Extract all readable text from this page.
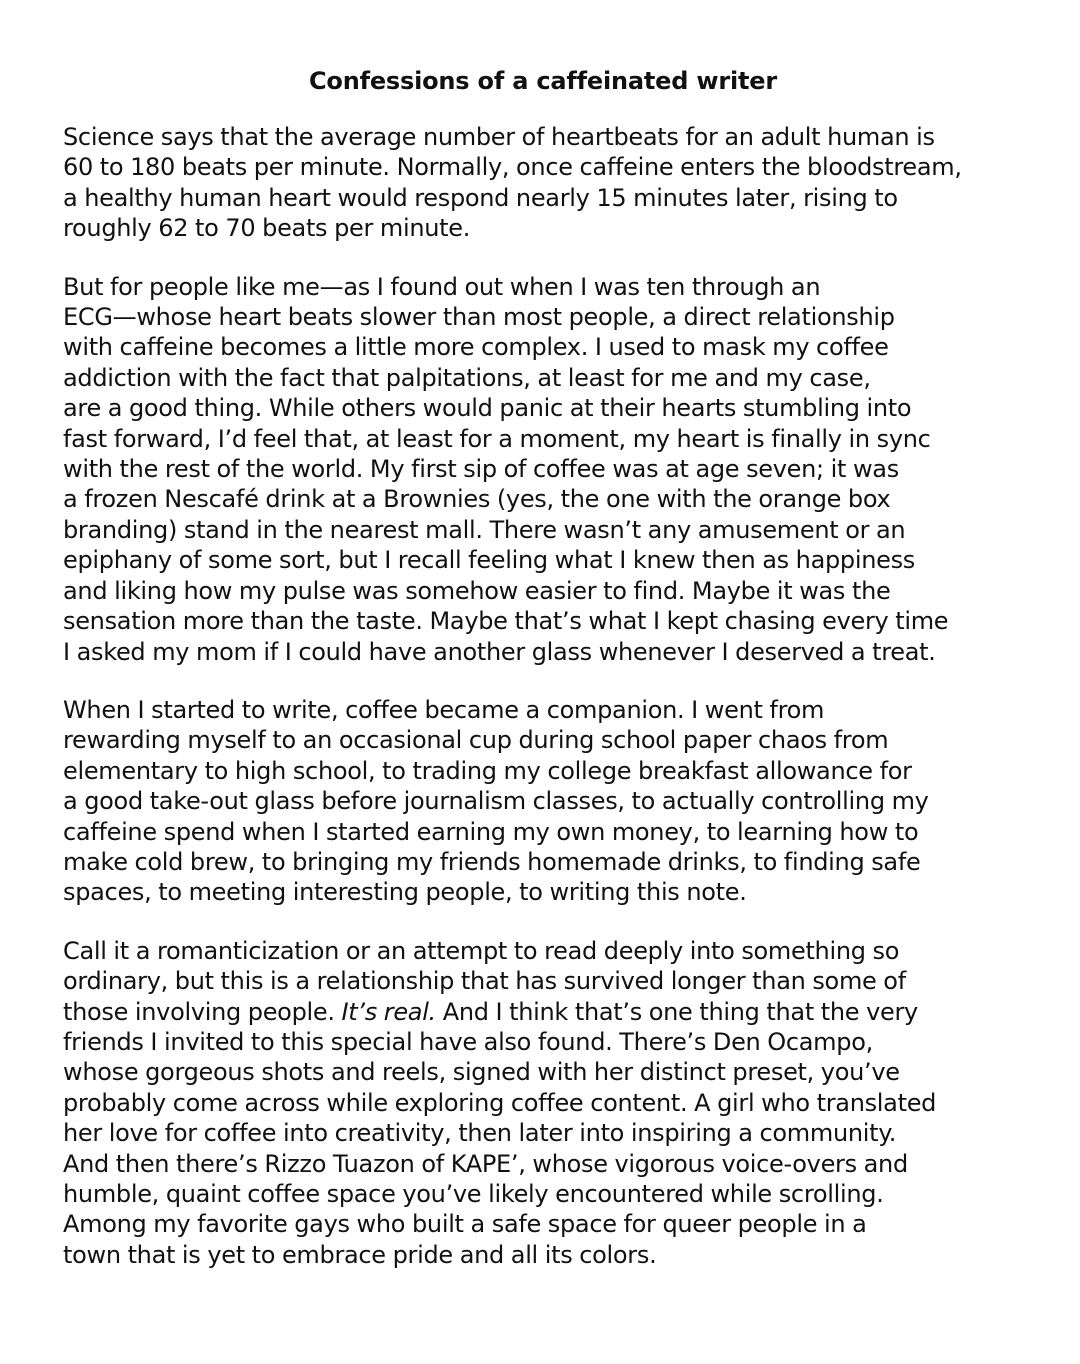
Confessions of a caffeinated writer
Science says that the average number of heartbeats for an adult human is
60 to 180 beats per minute. Normally, once caffeine enters the bloodstream,
a healthy human heart would respond nearly 15 minutes later, rising to
roughly 62 to 70 beats per minute.
But for people like me—as I found out when I was ten through an
ECG—whose heart beats slower than most people, a direct relationship
with caffeine becomes a little more complex. I used to mask my coffee
addiction with the fact that palpitations, at least for me and my case,
are a good thing. While others would panic at their hearts stumbling into
fast forward, I’d feel that, at least for a moment, my heart is finally in sync
with the rest of the world. My first sip of coffee was at age seven; it was
a frozen Nescafé drink at a Brownies (yes, the one with the orange box
branding) stand in the nearest mall. There wasn’t any amusement or an
epiphany of some sort, but I recall feeling what I knew then as happiness
and liking how my pulse was somehow easier to find. Maybe it was the
sensation more than the taste. Maybe that’s what I kept chasing every time
I asked my mom if I could have another glass whenever I deserved a treat.
When I started to write, coffee became a companion. I went from
rewarding myself to an occasional cup during school paper chaos from
elementary to high school, to trading my college breakfast allowance for
a good take-out glass before journalism classes, to actually controlling my
caffeine spend when I started earning my own money, to learning how to
make cold brew, to bringing my friends homemade drinks, to finding safe
spaces, to meeting interesting people, to writing this note.
Call it a romanticization or an attempt to read deeply into something so
ordinary, but this is a relationship that has survived longer than some of
those involving people. It’s real. And I think that’s one thing that the very
friends I invited to this special have also found. There’s Den Ocampo,
whose gorgeous shots and reels, signed with her distinct preset, you’ve
probably come across while exploring coffee content. A girl who translated
her love for coffee into creativity, then later into inspiring a community.
And then there’s Rizzo Tuazon of KAPE’, whose vigorous voice-overs and
humble, quaint coffee space you’ve likely encountered while scrolling.
Among my favorite gays who built a safe space for queer people in a
town that is yet to embrace pride and all its colors.
